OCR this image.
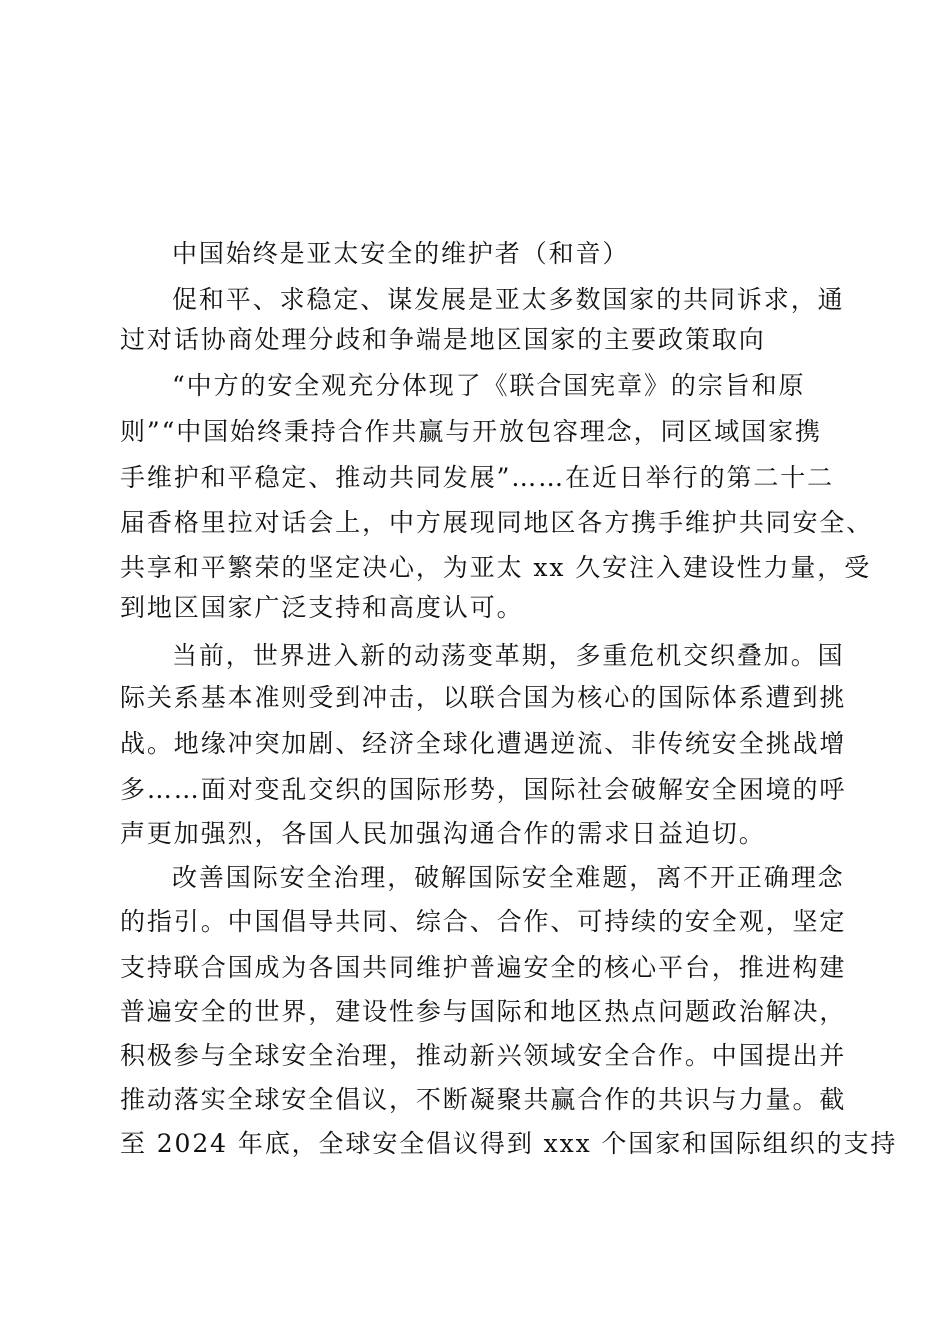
中国始终是亚太安全的维护者（和音）
促和平、求稳定、谋发展是亚太多数国家的共同诉求，通
过对话协商处理分歧和争端是地区国家的主要政策取向
“中方的安全观充分体现了《联合国宪章》的宗旨和原
则”“中国始终秉持合作共赢与开放包容理念，同区域国家携
手维护和平稳定、推动共同发展”……在近日举行的第二十二
届香格里拉对话会上，中方展现同地区各方携手维护共同安全、
共享和平繁荣的坚定决心，为亚太 xx 久安注入建设性力量，受
到地区国家广泛支持和高度认可。
当前，世界进入新的动荡变革期，多重危机交织叠加。国
际关系基本准则受到冲击，以联合国为核心的国际体系遭到挑
战。地缘冲突加剧、经济全球化遭遇逆流、非传统安全挑战增
多……面对变乱交织的国际形势，国际社会破解安全困境的呼
声更加强烈，各国人民加强沟通合作的需求日益迫切。
改善国际安全治理，破解国际安全难题，离不开正确理念
的指引。中国倡导共同、综合、合作、可持续的安全观，坚定
支持联合国成为各国共同维护普遍安全的核心平台，推进构建
普遍安全的世界，建设性参与国际和地区热点问题政治解决，
积极参与全球安全治理，推动新兴领域安全合作。中国提出并
推动落实全球安全倡议，不断凝聚共赢合作的共识与力量。截
至 2024 年底，全球安全倡议得到 xxx 个国家和国际组织的支持
